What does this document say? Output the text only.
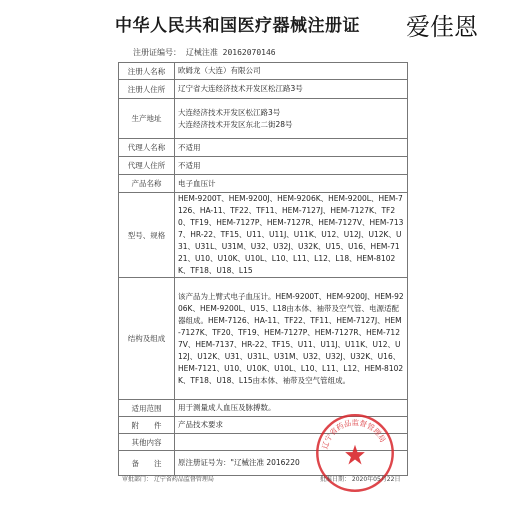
中华人民共和国医疗器械注册证 爱佳恩
注册证编号： 辽械注准 20162070146
注册人名称	欧姆龙（大连）有限公司
注册人住所	辽宁省大连经济技术开发区松江路3号
生产地址	大连经济技术开发区松江路3号
大连经济技术开发区东北二街28号
代理人名称	不适用
代理人住所	不适用
产品名称	电子血压计
型号、规格	HEM-9200T、HEM-9200J、HEM-9206K、HEM-9200L、HEM-7126、HA-11、TF22、TF11、HEM-7127J、HEM-7127K、TF20、TF19、HEM-7127P、HEM-7127R、HEM-7127V、HEM-7137、HR-22、TF15、U11、U11J、U11K、U12、U12J、U12K、U31、U31L、U31M、U32、U32J、U32K、U15、U16、HEM-7121、U10、U10K、U10L、L10、L11、L12、L18、HEM-8102K、TF18、U18、L15
结构及组成	该产品为上臂式电子血压计。HEM-9200T、HEM-9200J、HEM-9206K、HEM-9200L、U15、L18由本体、袖带及空气管、电源适配器组成。HEM-7126、HA-11、TF22、TF11、HEM-7127J、HEM-7127K、TF20、TF19、HEM-7127P、HEM-7127R、HEM-7127V、HEM-7137、HR-22、TF15、U11、U11J、U11K、U12、U12J、U12K、U31、U31L、U31M、U32、U32J、U32K、U16、HEM-7121、U10、U10K、U10L、L10、L11、L12、HEM-8102K、TF18、U18、L15由本体、袖带及空气管组成。
适用范围	用于测量成人血压及脉搏数。
附　　件	产品技术要求
其他内容	
备　　注	原注册证号为："辽械注准 2016220
辽宁省药品监督管理局
审批部门： 辽宁省药品监督管理局	批准日期： 2020年05月22日
